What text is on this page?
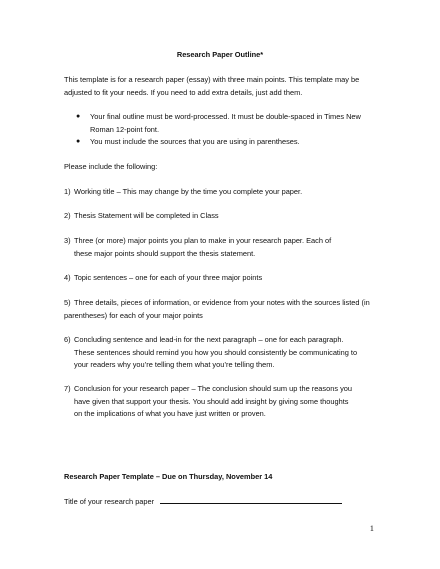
Research Paper Outline*
This template is for a research paper (essay) with three main points. This template may be
adjusted to fit your needs. If you need to add extra details, just add them.
● Your final outline must be word-processed. It must be double-spaced in Times New
Roman 12-point font.
● You must include the sources that you are using in parentheses.
Please include the following:
1) Working title – This may change by the time you complete your paper.
2) Thesis Statement will be completed in Class
3) Three (or more) major points you plan to make in your research paper. Each of
these major points should support the thesis statement.
4) Topic sentences – one for each of your three major points
5) Three details, pieces of information, or evidence from your notes with the sources listed (in
parentheses) for each of your major points
6) Concluding sentence and lead-in for the next paragraph – one for each paragraph.
These sentences should remind you how you should consistently be communicating to
your readers why you’re telling them what you’re telling them.
7) Conclusion for your research paper – The conclusion should sum up the reasons you
have given that support your thesis. You should add insight by giving some thoughts
on the implications of what you have just written or proven.
Research Paper Template – Due on Thursday, November 14
Title of your research paper
1
